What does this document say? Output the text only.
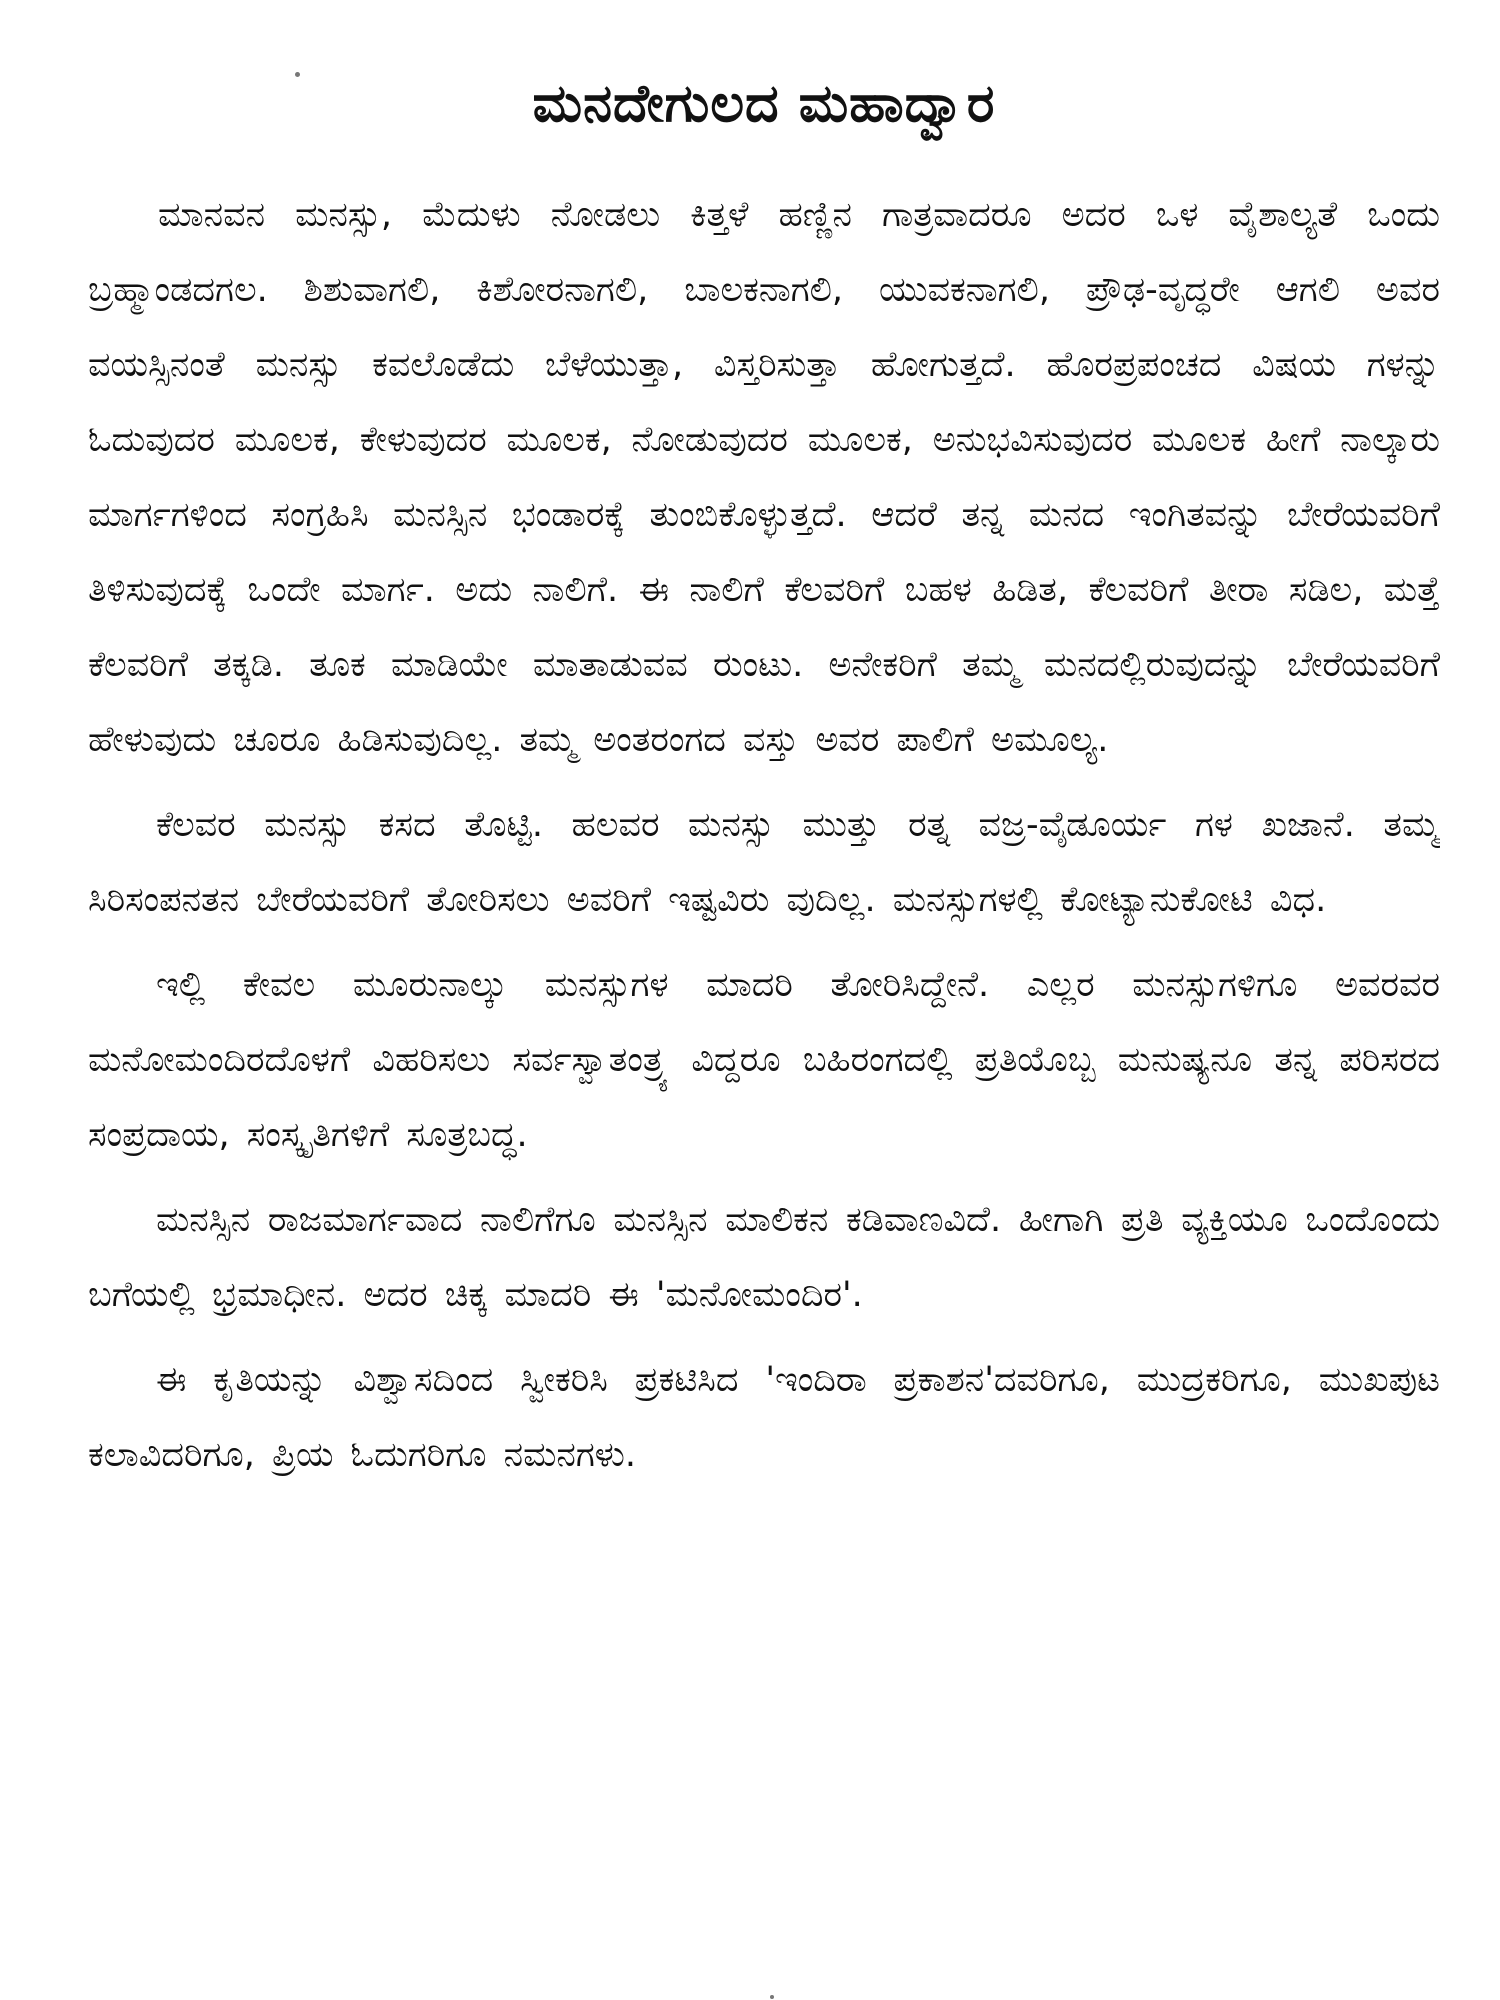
ಮನದೇಗುಲದ ಮಹಾದ್ವಾರ

ಮಾನವನ ಮನಸ್ಸು, ಮೆದುಳು ನೋಡಲು ಕಿತ್ತಳೆ ಹಣ್ಣಿನ ಗಾತ್ರವಾದರೂ ಅದರ ಒಳ ವೈಶಾಲ್ಯತೆ ಒಂದು ಬ್ರಹ್ಮಾಂಡದಗಲ. ಶಿಶುವಾಗಲಿ, ಕಿಶೋರನಾಗಲಿ, ಬಾಲಕನಾಗಲಿ, ಯುವಕನಾಗಲಿ, ಪ್ರೌಢ-ವೃದ್ಧರೇ ಆಗಲಿ ಅವರ ವಯಸ್ಸಿನಂತೆ ಮನಸ್ಸು ಕವಲೊಡೆದು ಬೆಳೆಯುತ್ತಾ, ವಿಸ್ತರಿಸುತ್ತಾ ಹೋಗುತ್ತದೆ. ಹೊರಪ್ರಪಂಚದ ವಿಷಯ ಗಳನ್ನು ಓದುವುದರ ಮೂಲಕ, ಕೇಳುವುದರ ಮೂಲಕ, ನೋಡುವುದರ ಮೂಲಕ, ಅನುಭವಿಸುವುದರ ಮೂಲಕ ಹೀಗೆ ನಾಲ್ಕಾರು ಮಾರ್ಗಗಳಿಂದ ಸಂಗ್ರಹಿಸಿ ಮನಸ್ಸಿನ ಭಂಡಾರಕ್ಕೆ ತುಂಬಿಕೊಳ್ಳುತ್ತದೆ. ಆದರೆ ತನ್ನ ಮನದ ಇಂಗಿತವನ್ನು ಬೇರೆಯವರಿಗೆ ತಿಳಿಸುವುದಕ್ಕೆ ಒಂದೇ ಮಾರ್ಗ. ಅದು ನಾಲಿಗೆ. ಈ ನಾಲಿಗೆ ಕೆಲವರಿಗೆ ಬಹಳ ಹಿಡಿತ, ಕೆಲವರಿಗೆ ತೀರಾ ಸಡಿಲ, ಮತ್ತೆ ಕೆಲವರಿಗೆ ತಕ್ಕಡಿ. ತೂಕ ಮಾಡಿಯೇ ಮಾತಾಡುವವ ರುಂಟು. ಅನೇಕರಿಗೆ ತಮ್ಮ ಮನದಲ್ಲಿರುವುದನ್ನು ಬೇರೆಯವರಿಗೆ ಹೇಳುವುದು ಚೂರೂ ಹಿಡಿಸುವುದಿಲ್ಲ. ತಮ್ಮ ಅಂತರಂಗದ ವಸ್ತು ಅವರ ಪಾಲಿಗೆ ಅಮೂಲ್ಯ.

ಕೆಲವರ ಮನಸ್ಸು ಕಸದ ತೊಟ್ಟಿ. ಹಲವರ ಮನಸ್ಸು ಮುತ್ತು ರತ್ನ ವಜ್ರ-ವೈಡೂರ್ಯ ಗಳ ಖಜಾನೆ. ತಮ್ಮ ಸಿರಿಸಂಪನತನ ಬೇರೆಯವರಿಗೆ ತೋರಿಸಲು ಅವರಿಗೆ ಇಷ್ಟವಿರು ವುದಿಲ್ಲ. ಮನಸ್ಸುಗಳಲ್ಲಿ ಕೋಟ್ಯಾನುಕೋಟಿ ವಿಧ.

ಇಲ್ಲಿ ಕೇವಲ ಮೂರುನಾಲ್ಕು ಮನಸ್ಸುಗಳ ಮಾದರಿ ತೋರಿಸಿದ್ದೇನೆ. ಎಲ್ಲರ ಮನಸ್ಸುಗಳಿಗೂ ಅವರವರ ಮನೋಮಂದಿರದೊಳಗೆ ವಿಹರಿಸಲು ಸರ್ವಸ್ವಾತಂತ್ರ್ಯ ವಿದ್ದರೂ ಬಹಿರಂಗದಲ್ಲಿ ಪ್ರತಿಯೊಬ್ಬ ಮನುಷ್ಯನೂ ತನ್ನ ಪರಿಸರದ ಸಂಪ್ರದಾಯ, ಸಂಸ್ಕೃತಿಗಳಿಗೆ ಸೂತ್ರಬದ್ಧ.

ಮನಸ್ಸಿನ ರಾಜಮಾರ್ಗವಾದ ನಾಲಿಗೆಗೂ ಮನಸ್ಸಿನ ಮಾಲಿಕನ ಕಡಿವಾಣವಿದೆ. ಹೀಗಾಗಿ ಪ್ರತಿ ವ್ಯಕ್ತಿಯೂ ಒಂದೊಂದು ಬಗೆಯಲ್ಲಿ ಭ್ರಮಾಧೀನ. ಅದರ ಚಿಕ್ಕ ಮಾದರಿ ಈ 'ಮನೋಮಂದಿರ'.

ಈ ಕೃತಿಯನ್ನು ವಿಶ್ವಾಸದಿಂದ ಸ್ವೀಕರಿಸಿ ಪ್ರಕಟಿಸಿದ 'ಇಂದಿರಾ ಪ್ರಕಾಶನ'ದವರಿಗೂ, ಮುದ್ರಕರಿಗೂ, ಮುಖಪುಟ ಕಲಾವಿದರಿಗೂ, ಪ್ರಿಯ ಓದುಗರಿಗೂ ನಮನಗಳು.
